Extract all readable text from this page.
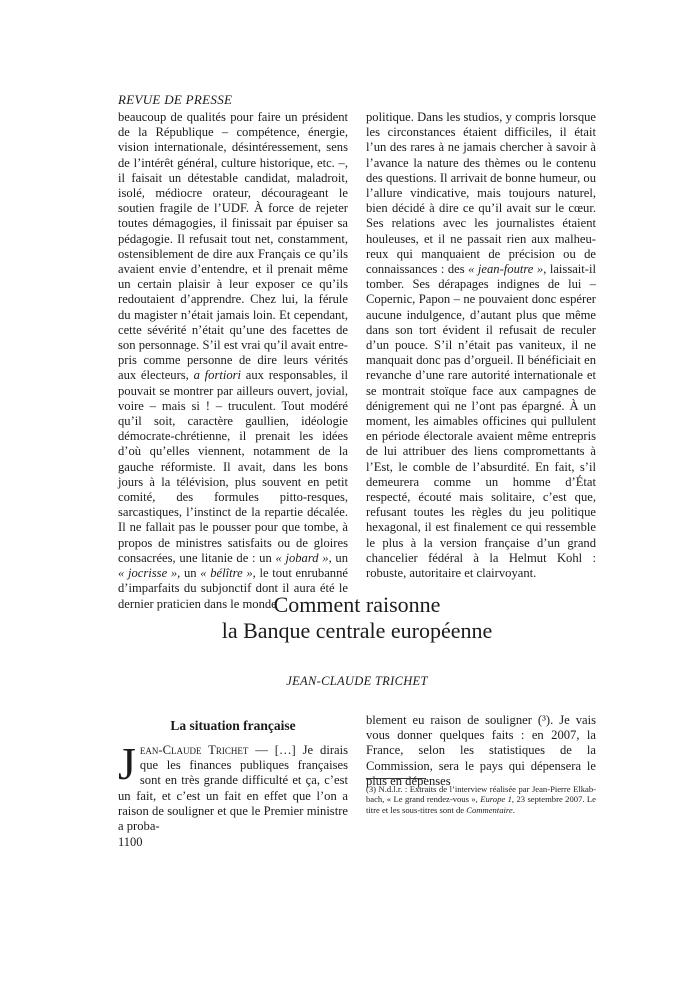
REVUE DE PRESSE

beaucoup de qualités pour faire un président de la République – compétence, énergie, vision internationale, désintéressement, sens de l’intérêt général, culture historique, etc. –, il faisait un détestable candidat, maladroit, isolé, médiocre orateur, décourageant le soutien fragile de l’UDF. À force de rejeter toutes démagogies, il finissait par épuiser sa pédagogie. Il refusait tout net, constamment, ostensiblement de dire aux Français ce qu’ils avaient envie d’entendre, et il prenait même un certain plaisir à leur exposer ce qu’ils redoutaient d’apprendre. Chez lui, la férule du magister n’était jamais loin. Et cependant, cette sévérité n’était qu’une des facettes de son personnage. S’il est vrai qu’il avait entre-pris comme personne de dire leurs vérités aux électeurs, a fortiori aux responsables, il pouvait se montrer par ailleurs ouvert, jovial, voire – mais si ! – truculent. Tout modéré qu’il soit, caractère gaullien, idéologie démocrate-chrétienne, il prenait les idées d’où qu’elles viennent, notamment de la gauche réformiste. Il avait, dans les bons jours à la télévision, plus souvent en petit comité, des formules pitto-resques, sarcastiques, l’instinct de la repartie décalée. Il ne fallait pas le pousser pour que tombe, à propos de ministres satisfaits ou de gloires consacrées, une litanie de : un « jobard », un « jocrisse », un « bélître », le tout enrubanné d’imparfaits du subjonctif dont il aura été le dernier praticien dans le monde

politique. Dans les studios, y compris lorsque les circonstances étaient difficiles, il était l’un des rares à ne jamais chercher à savoir à l’avance la nature des thèmes ou le contenu des questions. Il arrivait de bonne humeur, ou l’allure vindicative, mais toujours naturel, bien décidé à dire ce qu’il avait sur le cœur. Ses relations avec les journalistes étaient houleuses, et il ne passait rien aux malheu-reux qui manquaient de précision ou de connaissances : des « jean-foutre », laissait-il tomber. Ses dérapages indignes de lui – Copernic, Papon – ne pouvaient donc espérer aucune indulgence, d’autant plus que même dans son tort évident il refusait de reculer d’un pouce. S’il n’était pas vaniteux, il ne manquait donc pas d’orgueil. Il bénéficiait en revanche d’une rare autorité internationale et se montrait stoïque face aux campagnes de dénigrement qui ne l’ont pas épargné. À un moment, les aimables officines qui pullulent en période électorale avaient même entrepris de lui attribuer des liens compromettants à l’Est, le comble de l’absurdité. En fait, s’il demeurera comme un homme d’État respecté, écouté mais solitaire, c’est que, refusant toutes les règles du jeu politique hexagonal, il est finalement ce qui ressemble le plus à la version française d’un grand chancelier fédéral à la Helmut Kohl : robuste, autoritaire et clairvoyant.

Comment raisonne
la Banque centrale européenne
JEAN-CLAUDE TRICHET
La situation française

Jean-Claude Trichet — […] Je dirais que les finances publiques françaises sont en très grande difficulté et ça, c’est un fait, et c’est un fait en effet que l’on a raison de souligner et que le Premier ministre a proba-

blement eu raison de souligner (³). Je vais vous donner quelques faits : en 2007, la France, selon les statistiques de la Commission, sera le pays qui dépensera le plus en dépenses

(3) N.d.l.r. : Extraits de l’interview réalisée par Jean-Pierre Elkab-bach, « Le grand rendez-vous », Europe 1, 23 septembre 2007. Le titre et les sous-titres sont de Commentaire.
1100
